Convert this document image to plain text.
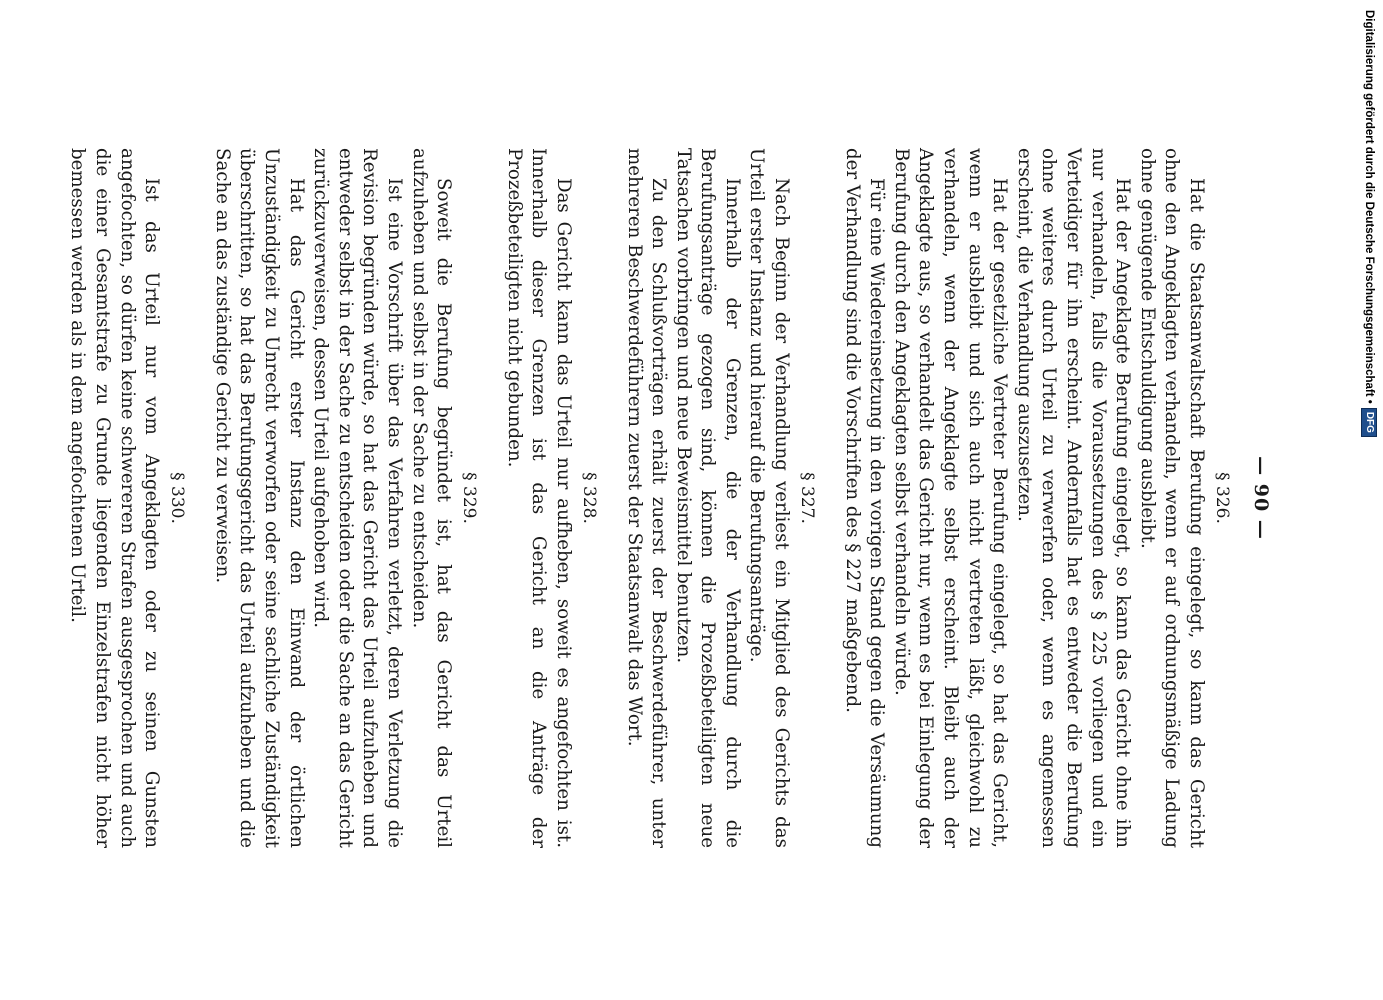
— 90 —
§ 326.

Hat die Staatsanwaltschaft Berufung eingelegt, so kann das Gericht ohne den Angeklagten verhandeln, wenn er auf ordnungsmäßige Ladung ohne genügende Entschuldigung ausbleibt.

Hat der Angeklagte Berufung eingelegt, so kann das Gericht ohne ihn nur verhandeln, falls die Voraussetzungen des § 225 vorliegen und ein Verteidiger für ihn erscheint. Andernfalls hat es entweder die Berufung ohne weiteres durch Urteil zu verwerfen oder, wenn es angemessen erscheint, die Verhandlung auszusetzen.

Hat der gesetzliche Vertreter Berufung eingelegt, so hat das Gericht, wenn er ausbleibt und sich auch nicht vertreten läßt, gleichwohl zu verhandeln, wenn der Angeklagte selbst erscheint. Bleibt auch der Angeklagte aus, so verhandelt das Gericht nur, wenn es bei Einlegung der Berufung durch den Angeklagten selbst verhandeln würde.

Für eine Wiedereinsetzung in den vorigen Stand gegen die Versäumung der Verhandlung sind die Vorschriften des § 227 maßgebend.

§ 327.

Nach Beginn der Verhandlung verliest ein Mitglied des Gerichts das Urteil erster Instanz und hierauf die Berufungsanträge.

Innerhalb der Grenzen, die der Verhandlung durch die Berufungsanträge gezogen sind, können die Prozeßbeteiligten neue Tatsachen vorbringen und neue Beweismittel benutzen.

Zu den Schlußvorträgen erhält zuerst der Beschwerdeführer, unter mehreren Beschwerdeführern zuerst der Staatsanwalt das Wort.

§ 328.

Das Gericht kann das Urteil nur aufheben, soweit es angefochten ist. Innerhalb dieser Grenzen ist das Gericht an die Anträge der Prozeßbeteiligten nicht gebunden.

§ 329.

Soweit die Berufung begründet ist, hat das Gericht das Urteil aufzuheben und selbst in der Sache zu entscheiden.

Ist eine Vorschrift über das Verfahren verletzt, deren Verletzung die Revision begründen würde, so hat das Gericht das Urteil aufzuheben und entweder selbst in der Sache zu entscheiden oder die Sache an das Gericht zurückzuverweisen, dessen Urteil aufgehoben wird.

Hat das Gericht erster Instanz den Einwand der örtlichen Unzuständigkeit zu Unrecht verworfen oder seine sachliche Zuständigkeit überschritten, so hat das Berufungsgericht das Urteil aufzuheben und die Sache an das zuständige Gericht zu verweisen.

§ 330.

Ist das Urteil nur vom Angeklagten oder zu seinen Gunsten angefochten, so dürfen keine schwereren Strafen ausgesprochen und auch die einer Gesamtstrafe zu Grunde liegenden Einzelstrafen nicht höher bemessen werden als in dem angefochtenen Urteil.	Digitalisierung gefördert durch die Deutsche Forschungsgemeinschaft •
DFG
